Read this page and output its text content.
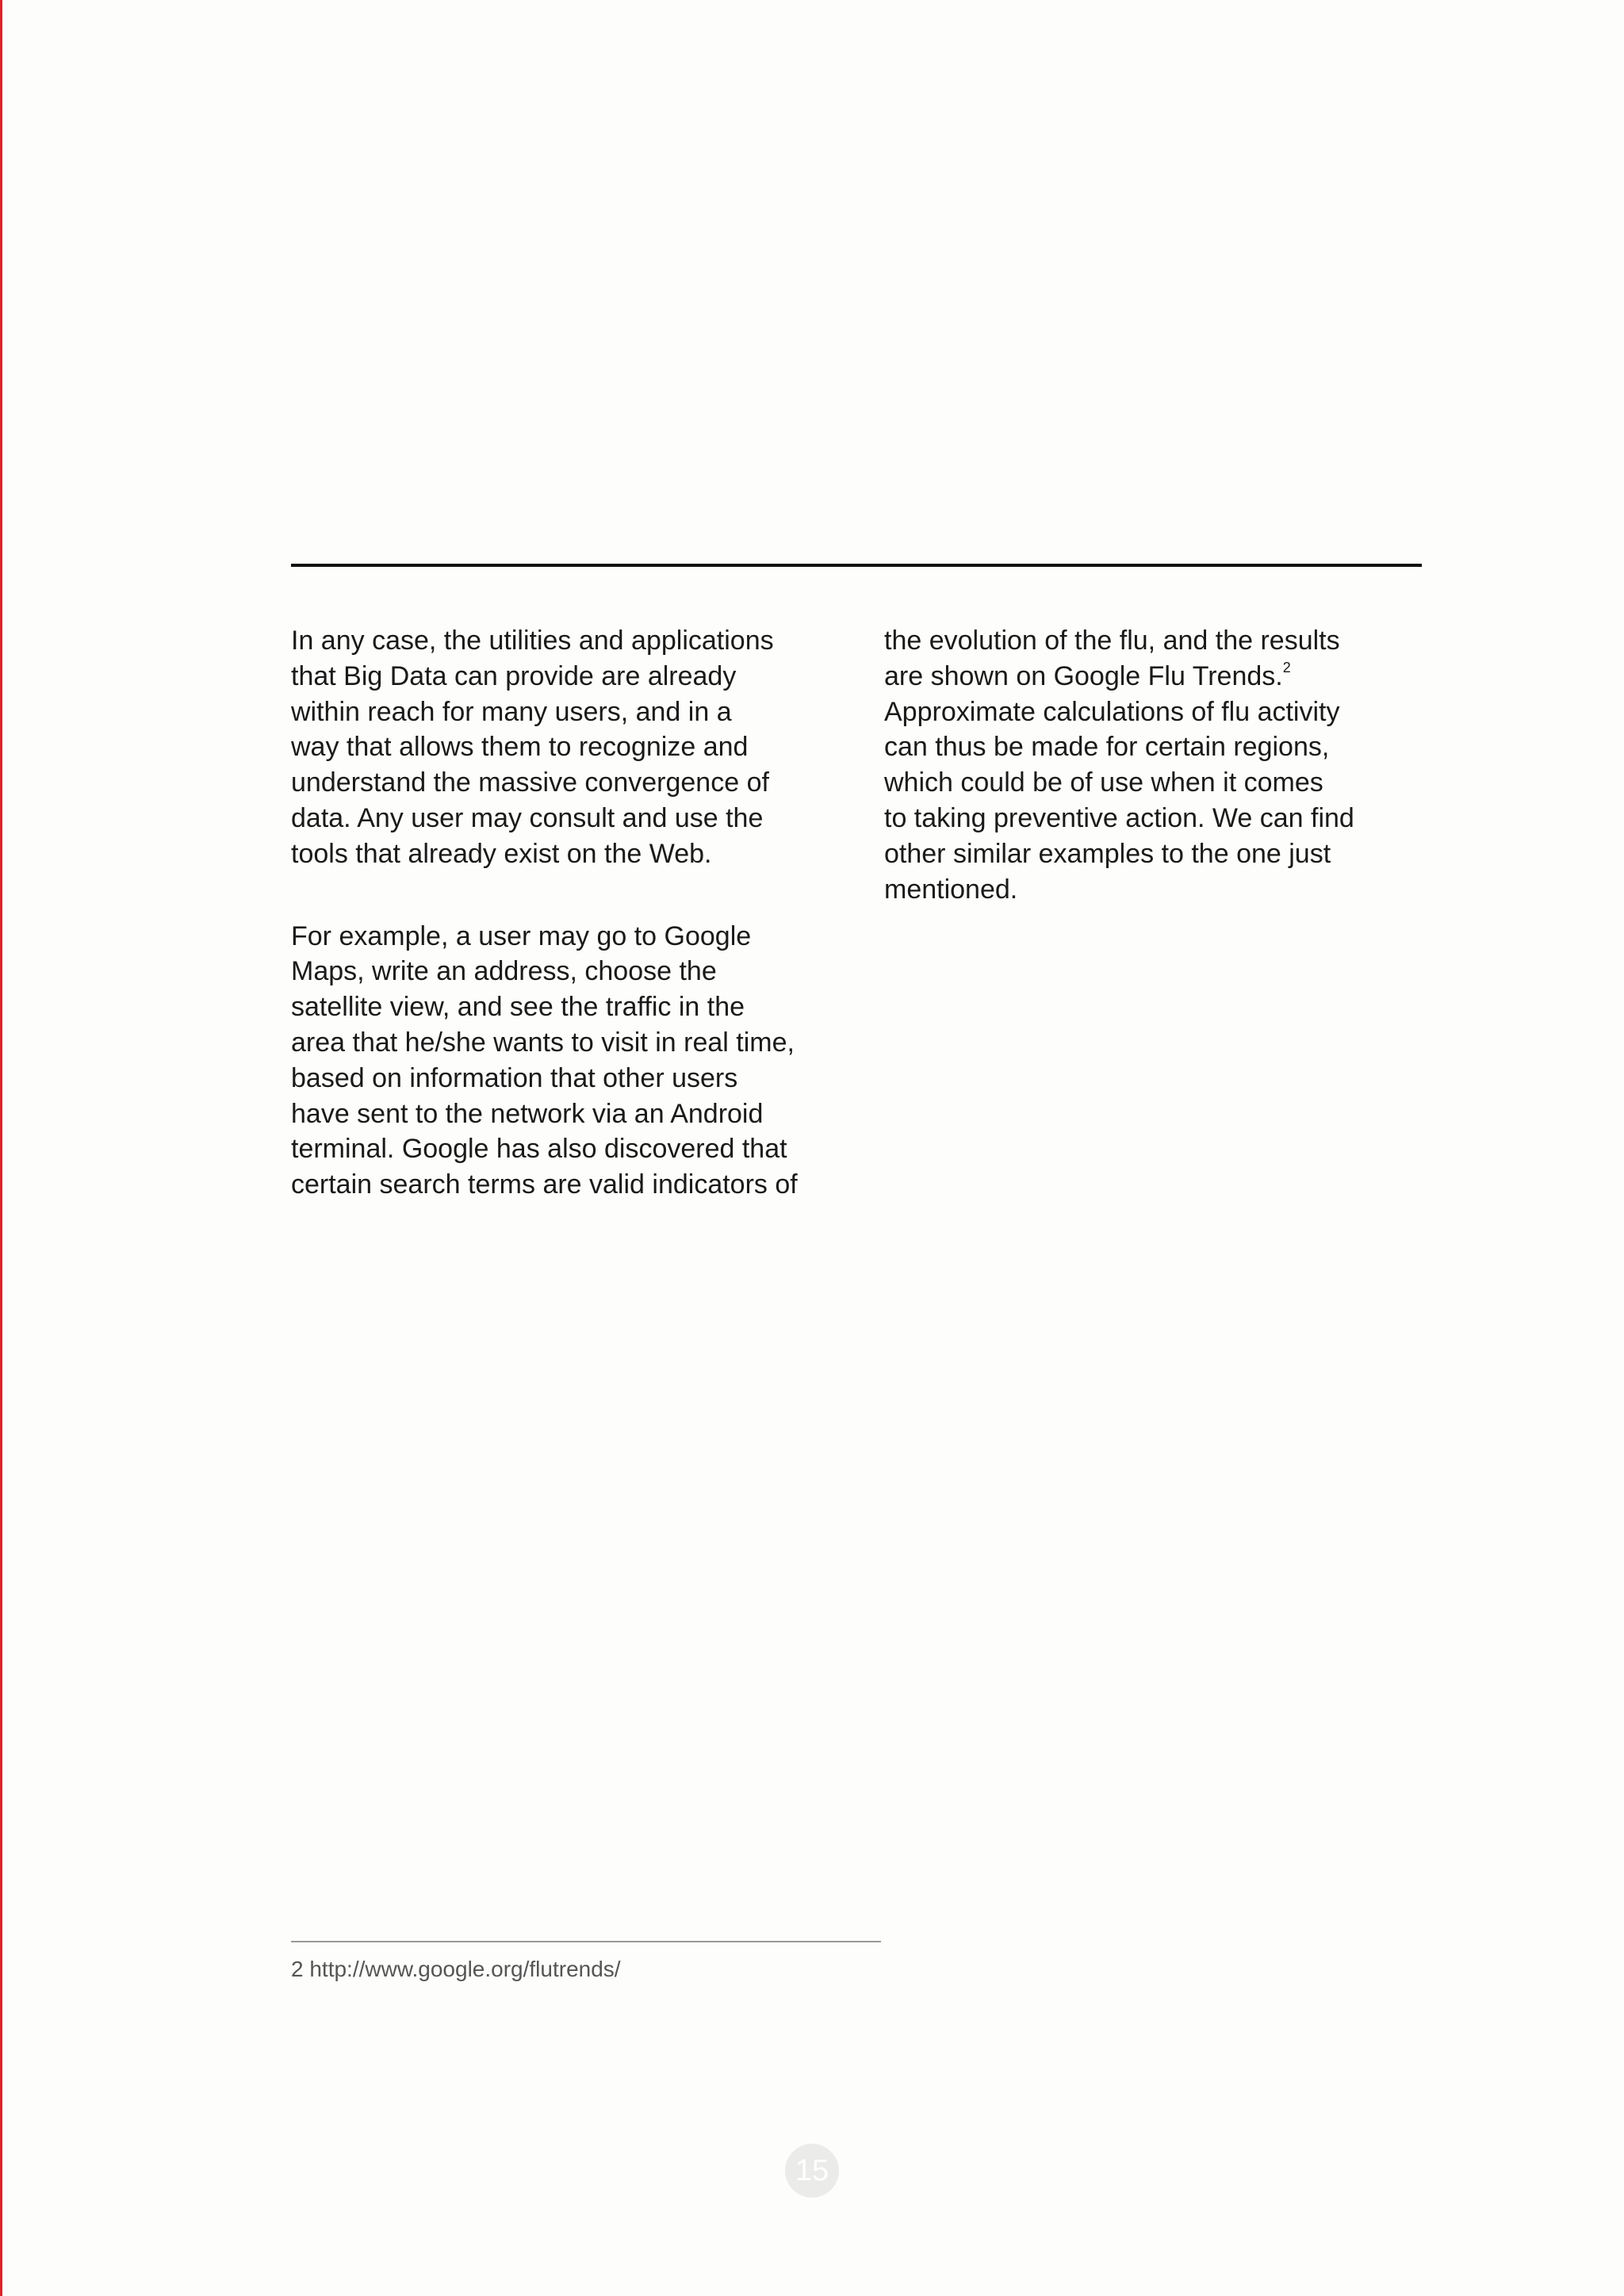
In any case, the utilities and applications
that Big Data can provide are already
within reach for many users, and in a
way that allows them to recognize and
understand the massive convergence of
data. Any user may consult and use the
tools that already exist on the Web.

For example, a user may go to Google
Maps, write an address, choose the
satellite view, and see the traffic in the
area that he/she wants to visit in real time,
based on information that other users
have sent to the network via an Android
terminal. Google has also discovered that
certain search terms are valid indicators of

the evolution of the flu, and the results
are shown on Google Flu Trends.$^2$
Approximate calculations of flu activity
can thus be made for certain regions,
which could be of use when it comes
to taking preventive action. We can find
other similar examples to the one just
mentioned.

2 http://www.google.org/flutrends/
15
